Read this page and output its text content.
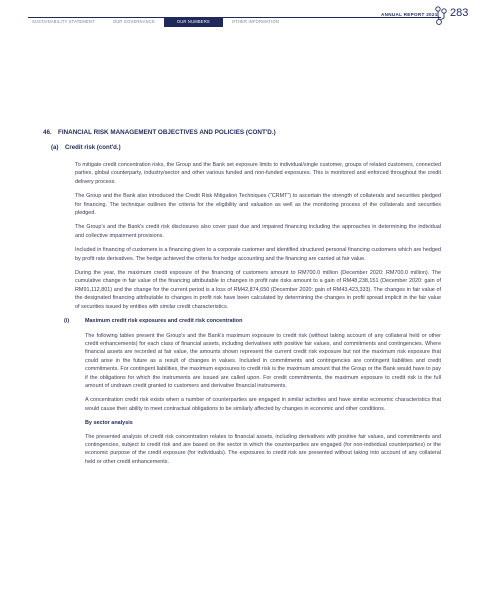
SUSTAINABILITY STATEMENT	OUR GOVERNANCE	OUR NUMBERS	OTHER INFORMATION
ANNUAL REPORT 2021 283
46. FINANCIAL RISK MANAGEMENT OBJECTIVES AND POLICIES (CONT'D.)
(a) Credit risk (cont'd.)

To mitigate credit concentration risks, the Group and the Bank set exposure limits to individual/single customer, groups of related customers, connected parties, global counterparty, industry/sector and other various funded and non-funded exposures. This is monitored and enforced throughout the credit delivery process.

The Group and the Bank also introduced the Credit Risk Mitigation Techniques (“CRMT”) to ascertain the strength of collaterals and securities pledged for financing. The technique outlines the criteria for the eligibility and valuation as well as the monitoring process of the collaterals and securities pledged.

The Group's and the Bank's credit risk disclosures also cover past due and impaired financing including the approaches in determining the individual and collective impairment provisions.

Included in financing of customers is a financing given to a corporate customer and identified structured personal financing customers which are hedged by profit rate derivatives. The hedge achieved the criteria for hedge accounting and the financing are carried at fair value.

During the year, the maximum credit exposure of the financing of customers amount to RM700.0 million (December 2020: RM700.0 million). The cumulative change in fair value of the financing attributable to changes in profit rate risks amount to a gain of RM48,238,151 (December 2020: gain of RM91,112,801) and the change for the current period is a loss of RM42,874,650 (December 2020: gain of RM43,423,333). The changes in fair value of the designated financing attributable to changes in profit risk have been calculated by determining the changes in profit spread implicit in the fair value of securities issued by entities with similar credit characteristics.

(i)	Maximum credit risk exposures and credit risk concentration

The following tables present the Group's and the Bank's maximum exposure to credit risk (without taking account of any collateral held or other credit enhancements) for each class of financial assets, including derivatives with positive fair values, and commitments and contingencies. Where financial assets are recorded at fair value, the amounts shown represent the current credit risk exposure but not the maximum risk exposure that could arise in the future as a result of changes in values. Included in commitments and contingencies are contingent liabilities and credit commitments. For contingent liabilities, the maximum exposures to credit risk is the maximum amount that the Group or the Bank would have to pay if the obligations for which the instruments are issued are called upon. For credit commitments, the maximum exposure to credit risk is the full amount of undrawn credit granted to customers and derivative financial instruments.

A concentration credit risk exists when a number of counterparties are engaged in similar activities and have similar economic characteristics that would cause their ability to meet contractual obligations to be similarly affected by changes in economic and other conditions.

By sector analysis

The presented analysis of credit risk concentration relates to financial assets, including derivatives with positive fair values, and commitments and contingencies, subject to credit risk and are based on the sector in which the counterparties are engaged (for non-individual counterparties) or the economic purpose of the credit exposure (for individuals). The exposures to credit risk are presented without taking into account of any collateral held or other credit enhancements.
